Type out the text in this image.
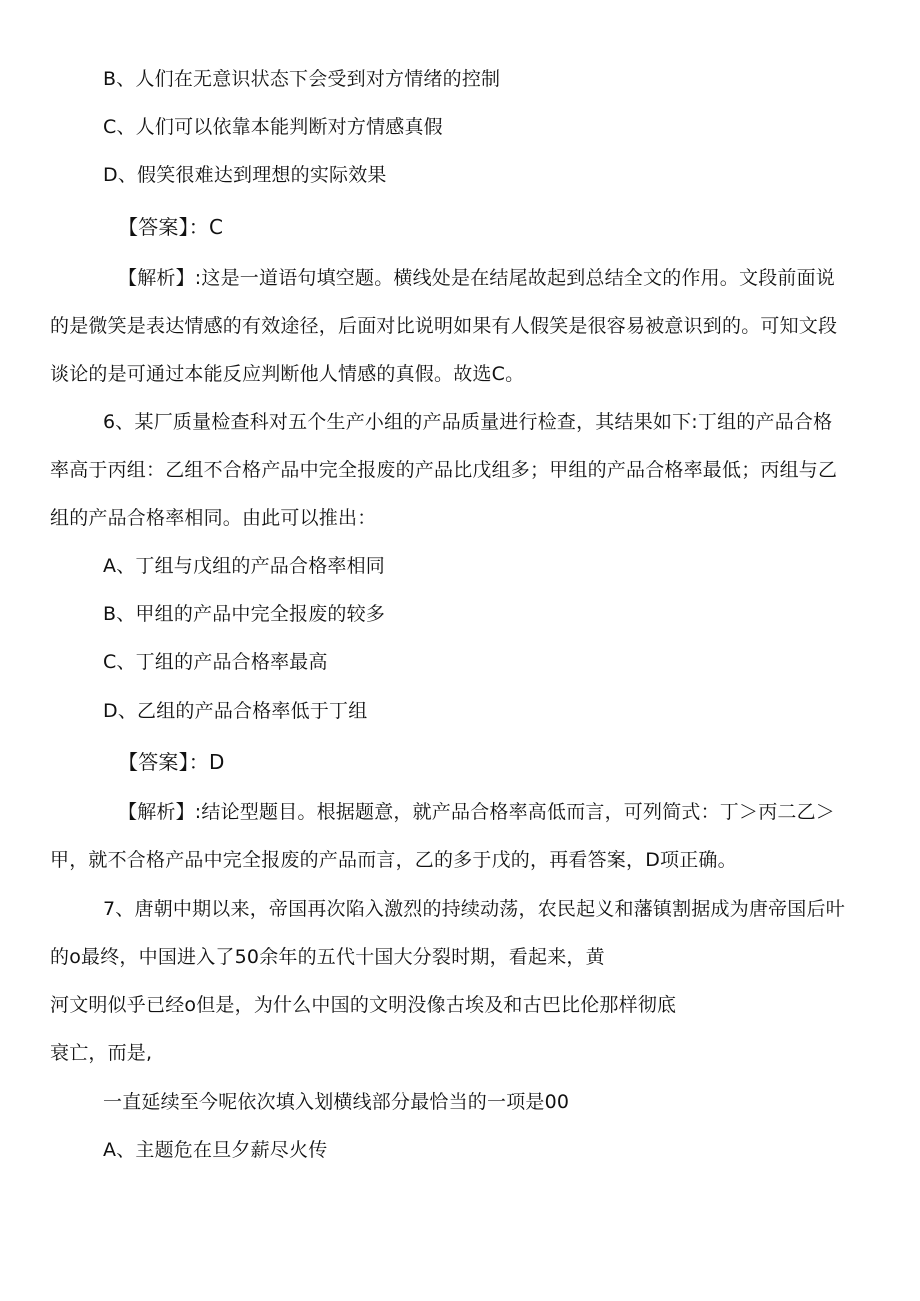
B、人们在无意识状态下会受到对方情绪的控制
C、人们可以依靠本能判断对方情感真假
D、假笑很难达到理想的实际效果
【答案】：C
【解析】:这是一道语句填空题。横线处是在结尾故起到总结全文的作用。文段前面说
的是微笑是表达情感的有效途径，后面对比说明如果有人假笑是很容易被意识到的。可知文段
谈论的是可通过本能反应判断他人情感的真假。故选C。
6、某厂质量检查科对五个生产小组的产品质量进行检查，其结果如下:丁组的产品合格
率高于丙组：乙组不合格产品中完全报废的产品比戊组多；甲组的产品合格率最低；丙组与乙
组的产品合格率相同。由此可以推出：
A、丁组与戊组的产品合格率相同
B、甲组的产品中完全报废的较多
C、丁组的产品合格率最高
D、乙组的产品合格率低于丁组
【答案】：D
【解析】:结论型题目。根据题意，就产品合格率高低而言，可列简式：丁＞丙二乙＞
甲，就不合格产品中完全报废的产品而言，乙的多于戊的，再看答案，D项正确。
7、唐朝中期以来，帝国再次陷入激烈的持续动荡，农民起义和藩镇割据成为唐帝国后叶
的o最终，中国进入了50余年的五代十国大分裂时期，看起来，黄
河文明似乎已经o但是，为什么中国的文明没像古埃及和古巴比伦那样彻底
衰亡，而是,
一直延续至今呢依次填入划横线部分最恰当的一项是00
A、主题危在旦夕薪尽火传
